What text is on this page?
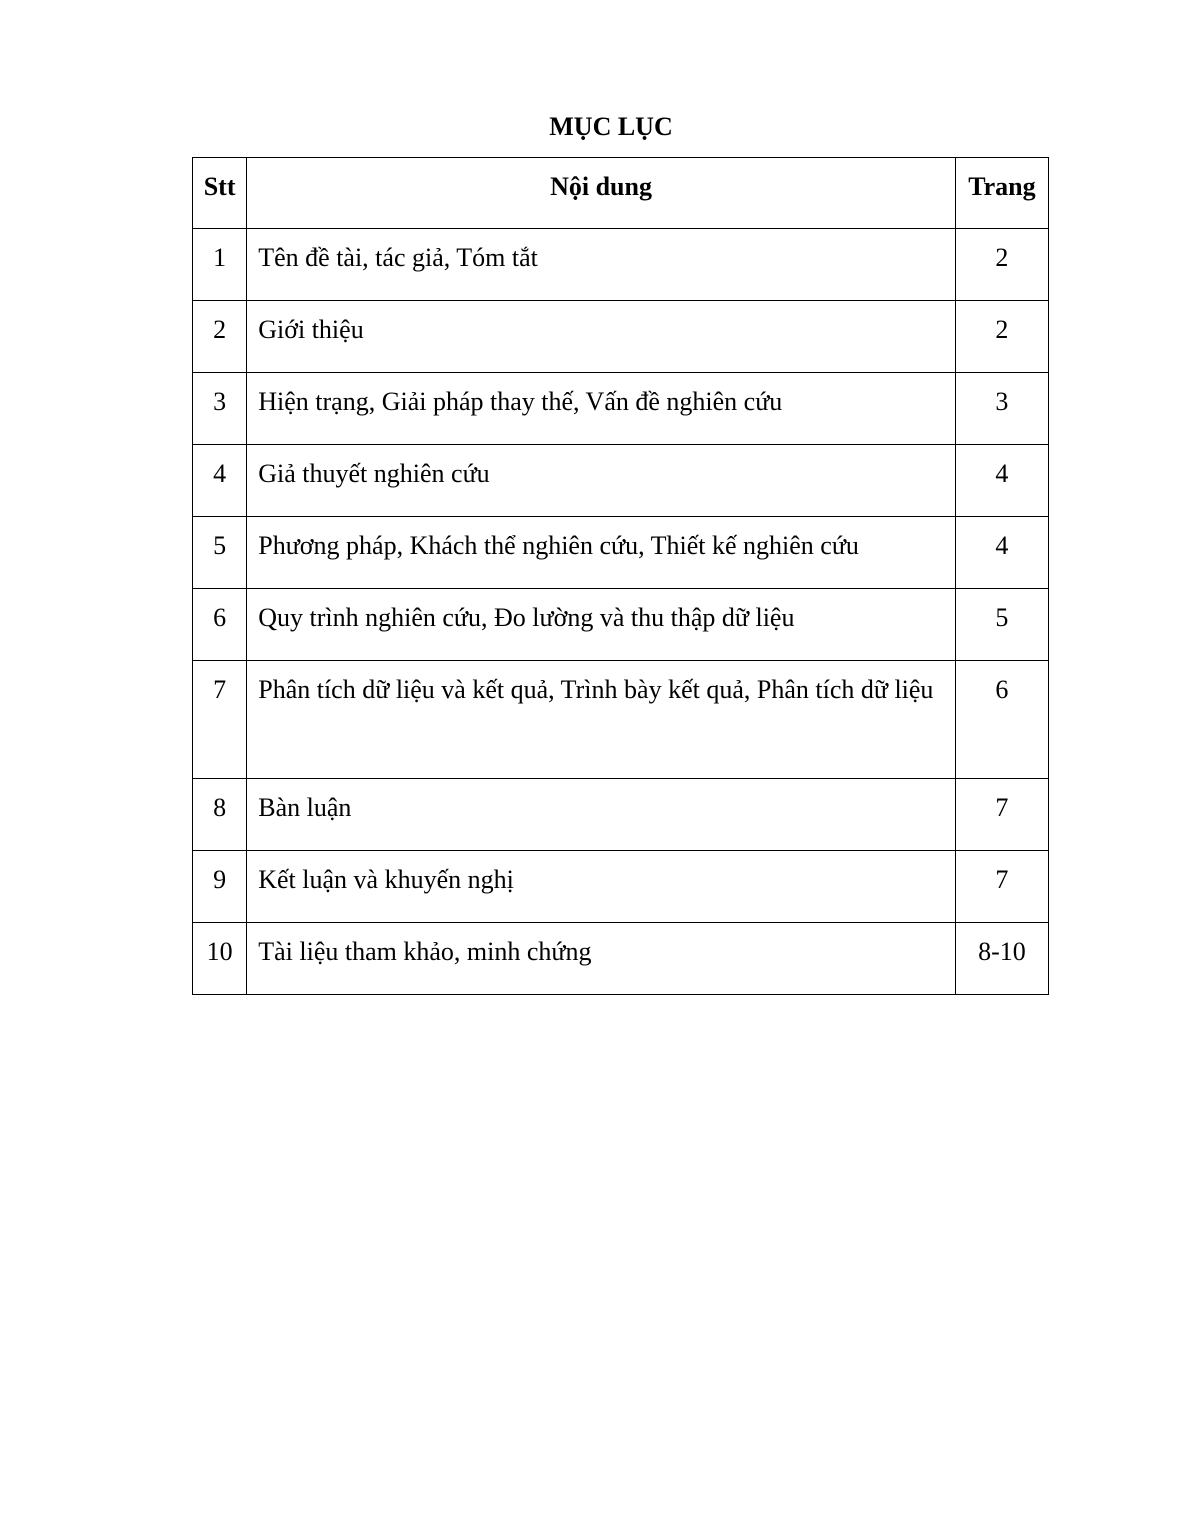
MỤC LỤC
Stt	Nội dung	Trang
1	Tên đề tài, tác giả, Tóm tắt	2
2	Giới thiệu	2
3	Hiện trạng, Giải pháp thay thế, Vấn đề nghiên cứu	3
4	Giả thuyết nghiên cứu	4
5	Phương pháp, Khách thể nghiên cứu, Thiết kế nghiên cứu	4
6	Quy trình nghiên cứu, Đo lường và thu thập dữ liệu	5
7	Phân tích dữ liệu và kết quả, Trình bày kết quả, Phân tích dữ liệu	6
8	Bàn luận	7
9	Kết luận và khuyến nghị	7
10	Tài liệu tham khảo, minh chứng	8-10
